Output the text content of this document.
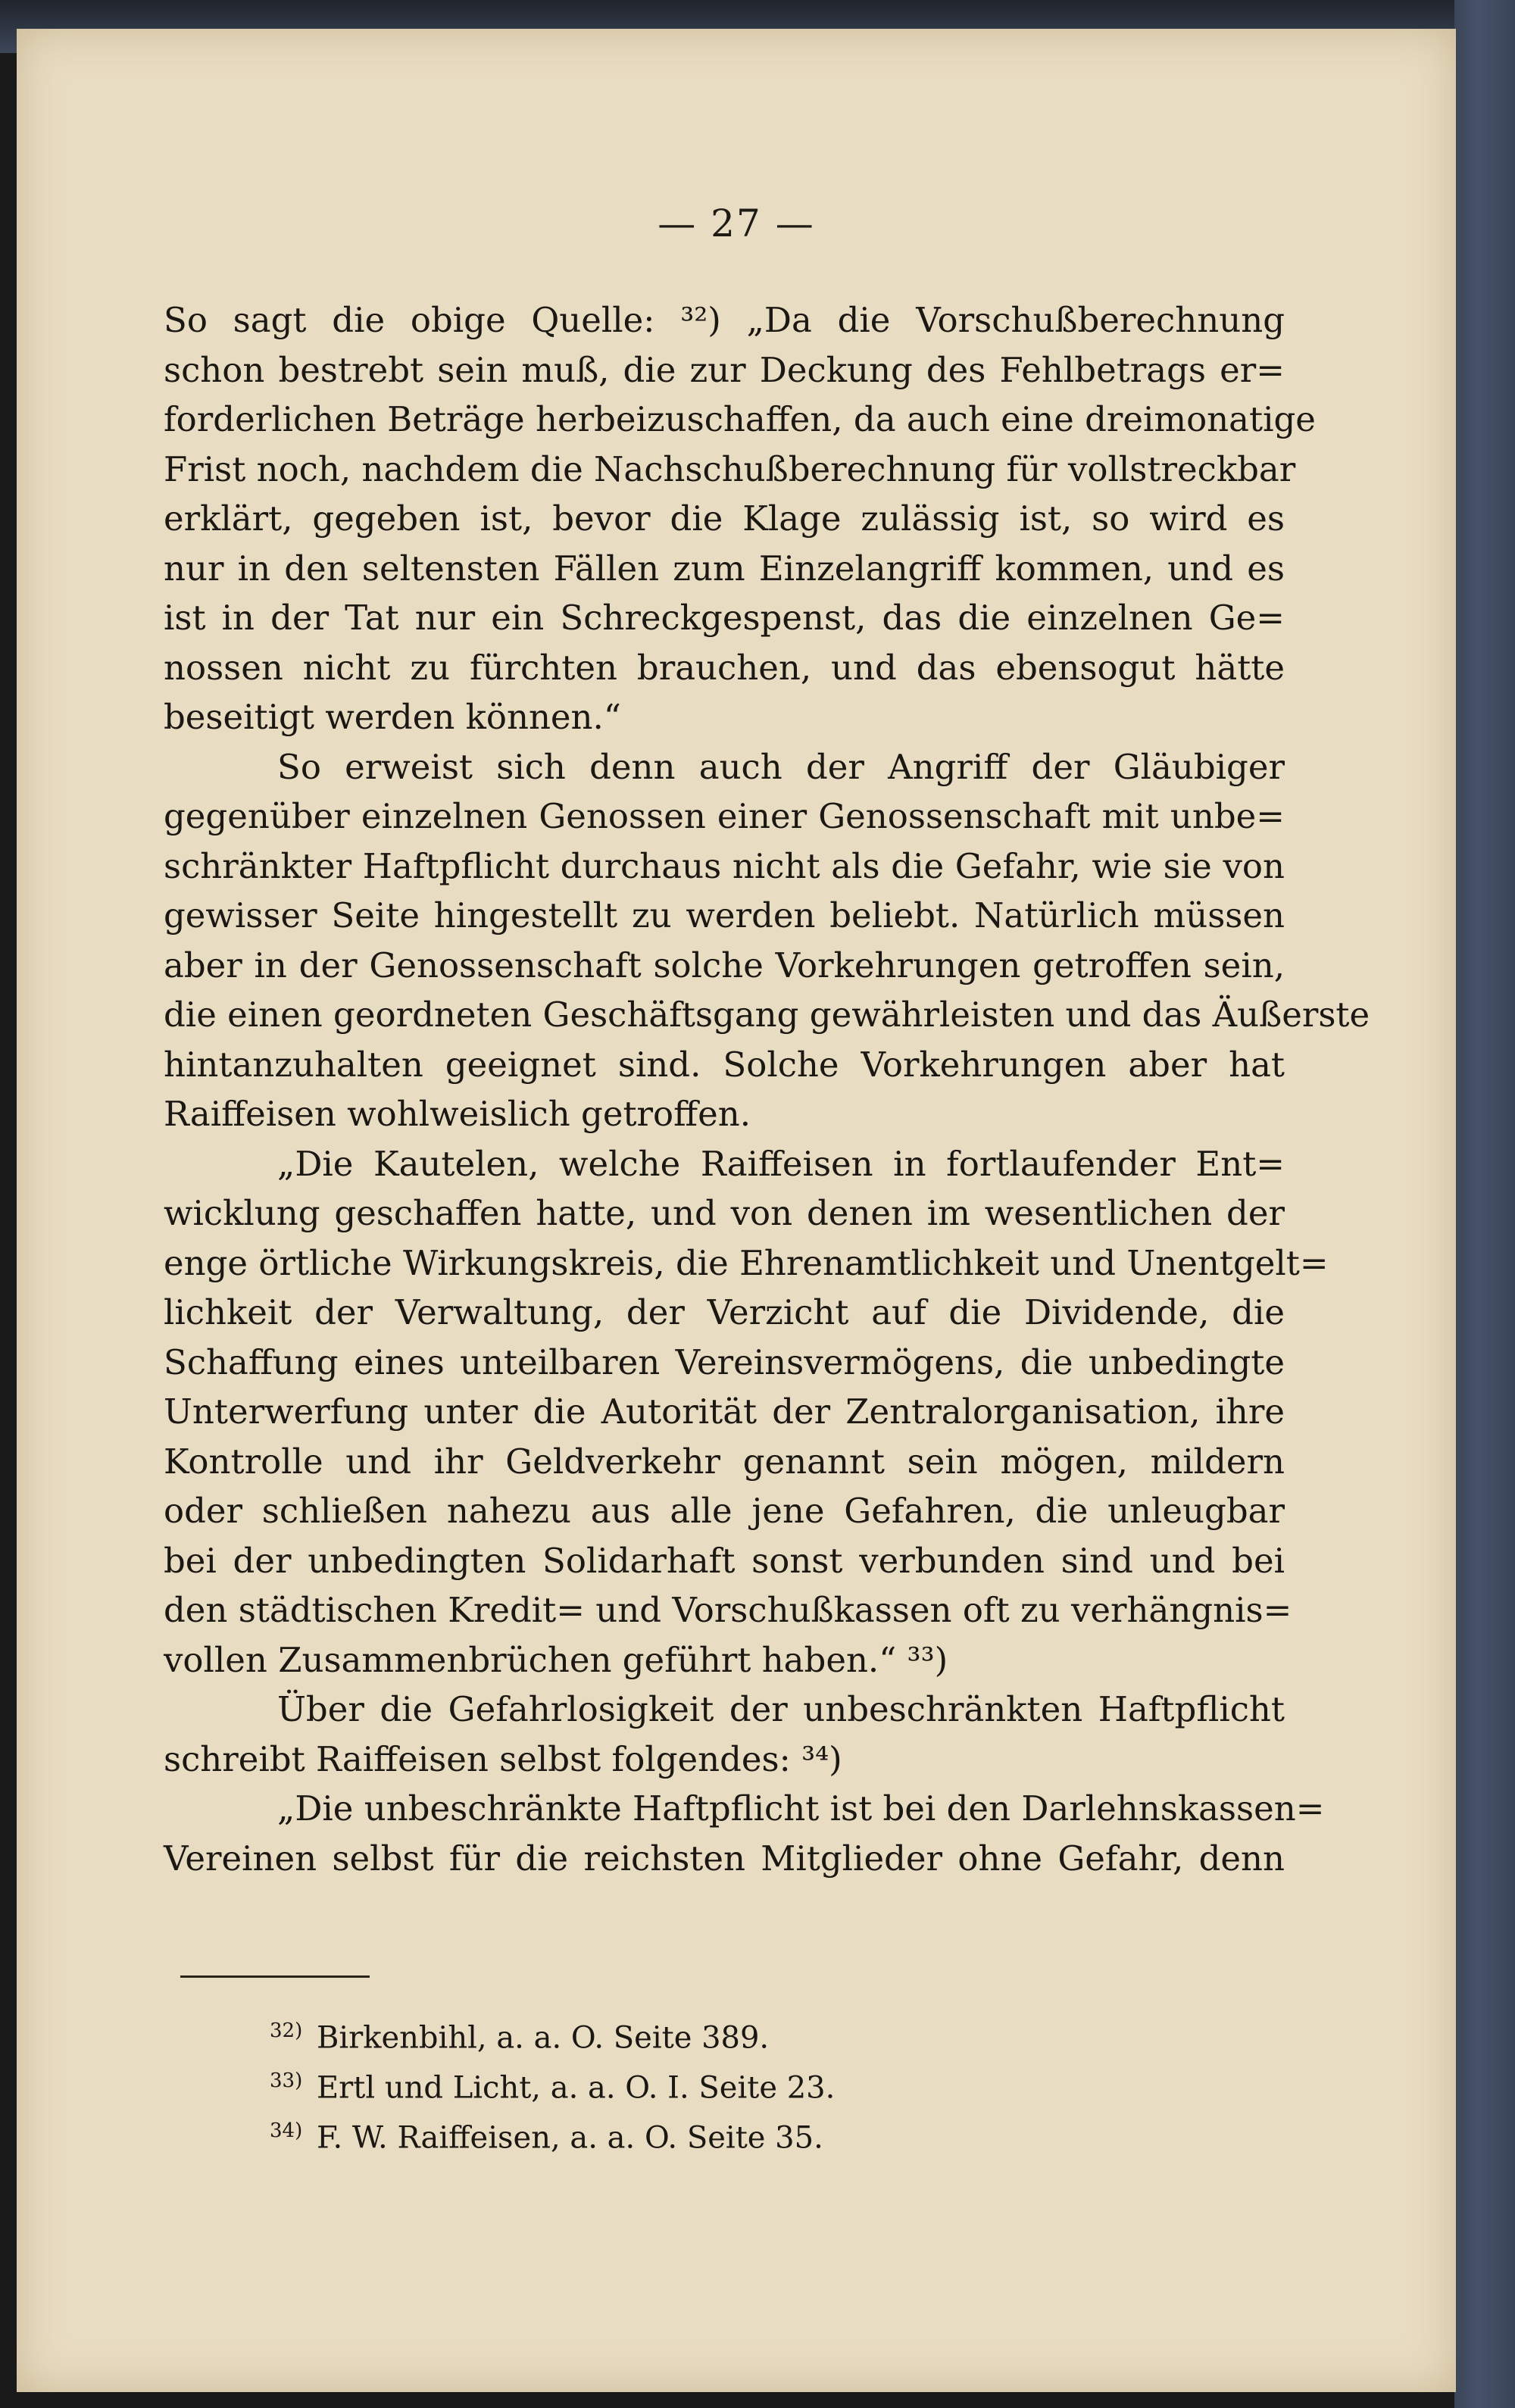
— 27 —
So sagt die obige Quelle: ³²) „Da die Vorschußberechnung
schon bestrebt sein muß, die zur Deckung des Fehlbetrags er=
forderlichen Beträge herbeizuschaffen, da auch eine dreimonatige
Frist noch, nachdem die Nachschußberechnung für vollstreckbar
erklärt, gegeben ist, bevor die Klage zulässig ist, so wird es
nur in den seltensten Fällen zum Einzelangriff kommen, und es
ist in der Tat nur ein Schreckgespenst, das die einzelnen Ge=
nossen nicht zu fürchten brauchen, und das ebensogut hätte
beseitigt werden können.“
So erweist sich denn auch der Angriff der Gläubiger
gegenüber einzelnen Genossen einer Genossenschaft mit unbe=
schränkter Haftpflicht durchaus nicht als die Gefahr, wie sie von
gewisser Seite hingestellt zu werden beliebt. Natürlich müssen
aber in der Genossenschaft solche Vorkehrungen getroffen sein,
die einen geordneten Geschäftsgang gewährleisten und das Äußerste
hintanzuhalten geeignet sind. Solche Vorkehrungen aber hat
Raiffeisen wohlweislich getroffen.
„Die Kautelen, welche Raiffeisen in fortlaufender Ent=
wicklung geschaffen hatte, und von denen im wesentlichen der
enge örtliche Wirkungskreis, die Ehrenamtlichkeit und Unentgelt=
lichkeit der Verwaltung, der Verzicht auf die Dividende, die
Schaffung eines unteilbaren Vereinsvermögens, die unbedingte
Unterwerfung unter die Autorität der Zentralorganisation, ihre
Kontrolle und ihr Geldverkehr genannt sein mögen, mildern
oder schließen nahezu aus alle jene Gefahren, die unleugbar
bei der unbedingten Solidarhaft sonst verbunden sind und bei
den städtischen Kredit= und Vorschußkassen oft zu verhängnis=
vollen Zusammenbrüchen geführt haben.“ ³³)
Über die Gefahrlosigkeit der unbeschränkten Haftpflicht
schreibt Raiffeisen selbst folgendes: ³⁴)
„Die unbeschränkte Haftpflicht ist bei den Darlehnskassen=
Vereinen selbst für die reichsten Mitglieder ohne Gefahr, denn
$^{32)}$ Birkenbihl, a. a. O. Seite 389.
$^{33)}$ Ertl und Licht, a. a. O. I. Seite 23.
$^{34)}$ F. W. Raiffeisen, a. a. O. Seite 35.
